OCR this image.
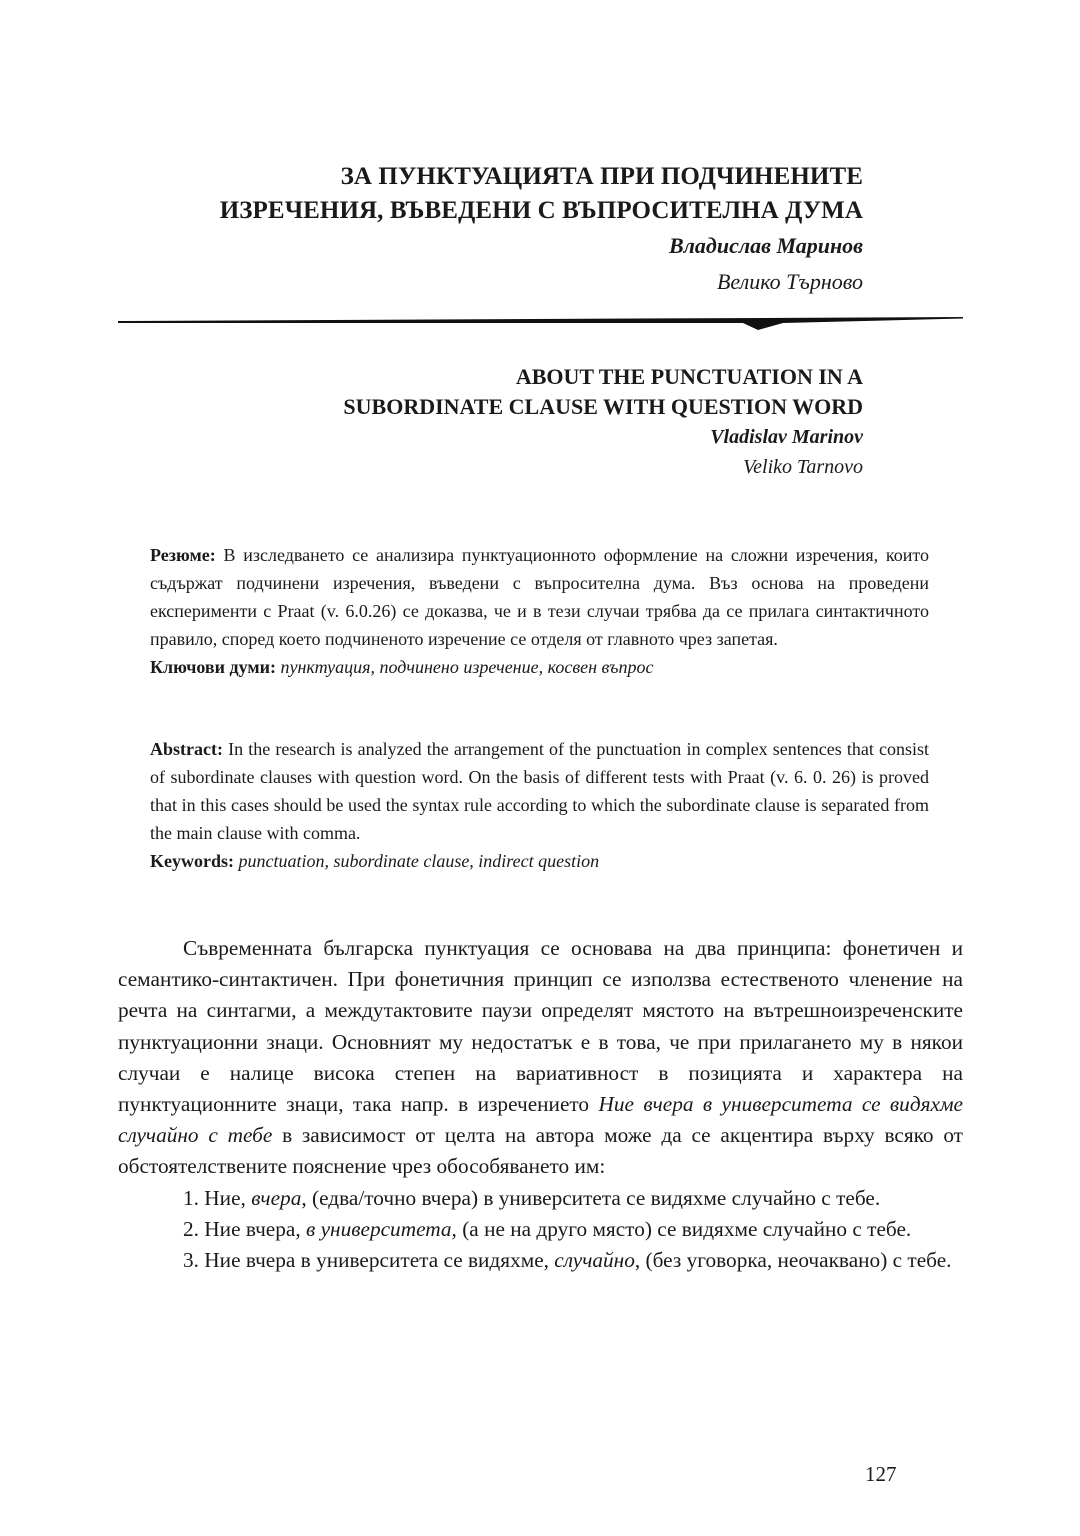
ЗА ПУНКТУАЦИЯТА ПРИ ПОДЧИНЕНИТЕ
ИЗРЕЧЕНИЯ, ВЪВЕДЕНИ С ВЪПРОСИТЕЛНА ДУМА
Владислав Маринов
Велико Търново
ABOUT THE PUNCTUATION IN A
SUBORDINATE CLAUSE WITH QUESTION WORD
Vladislav Marinov
Veliko Tarnovo
Резюме: В изследването се анализира пунктуационното оформление на сложни изречения, които съдържат подчинени изречения, въведени с въпросителна дума. Въз основа на проведени експерименти с Praat (v. 6.0.26) се доказва, че и в тези случаи трябва да се прилага синтактичното правило, според което подчиненото изречение се отделя от главното чрез запетая.
Ключови думи: пунктуация, подчинено изречение, косвен въпрос
Abstract: In the research is analyzed the arrangement of the punctuation in complex sentences that consist of subordinate clauses with question word. On the basis of different tests with Praat (v. 6. 0. 26) is proved that in this cases should be used the syntax rule according to which the subordinate clause is separated from the main clause with comma.
Keywords: punctuation, subordinate clause, indirect question

Съвременната българска пунктуация се основава на два принципа: фонетичен и семантико-синтактичен. При фонетичния принцип се използва естественото членение на речта на синтагми, а междутактовите паузи определят мястото на вътрешноизреченските пунктуационни знаци. Основният му недостатък е в това, че при прилагането му в някои случаи е налице висока степен на вариативност в позицията и характера на пунктуационните знаци, така напр. в изречението Ние вчера в университета се видяхме случайно с тебе в зависимост от целта на автора може да се акцентира върху всяко от обстоятелствените пояснение чрез обособяването им:

1. Ние, вчера, (едва/точно вчера) в университета се видяхме случайно с тебе.

2. Ние вчера, в университета, (а не на друго място) се видяхме случайно с тебе.

3. Ние вчера в университета се видяхме, случайно, (без уговорка, неочаквано) с тебе.

127
